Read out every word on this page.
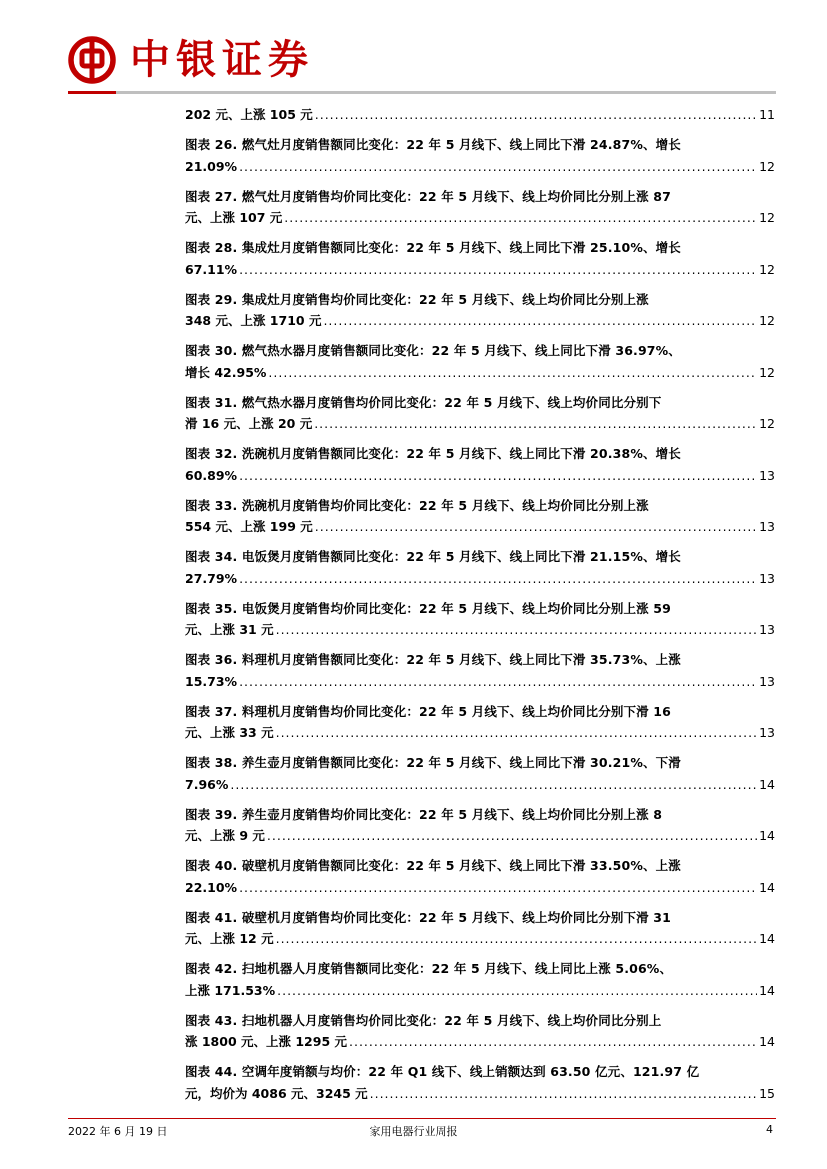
中银证券
202 元、上涨 105 元 .....	11
图表 26. 燃气灶月度销售额同比变化：22 年 5 月线下、线上同比下滑 24.87%、增长
21.09% .....	12
图表 27. 燃气灶月度销售均价同比变化：22 年 5 月线下、线上均价同比分别上涨 87
元、上涨 107 元 .....	12
图表 28. 集成灶月度销售额同比变化：22 年 5 月线下、线上同比下滑 25.10%、增长
67.11% .....	12
图表 29. 集成灶月度销售均价同比变化：22 年 5 月线下、线上均价同比分别上涨
348 元、上涨 1710 元 .....	12
图表 30. 燃气热水器月度销售额同比变化：22 年 5 月线下、线上同比下滑 36.97%、
增长 42.95% .....	12
图表 31. 燃气热水器月度销售均价同比变化：22 年 5 月线下、线上均价同比分别下
滑 16 元、上涨 20 元 .....	12
图表 32. 洗碗机月度销售额同比变化：22 年 5 月线下、线上同比下滑 20.38%、增长
60.89% .....	13
图表 33. 洗碗机月度销售均价同比变化：22 年 5 月线下、线上均价同比分别上涨
554 元、上涨 199 元 .....	13
图表 34. 电饭煲月度销售额同比变化：22 年 5 月线下、线上同比下滑 21.15%、增长
27.79% .....	13
图表 35. 电饭煲月度销售均价同比变化：22 年 5 月线下、线上均价同比分别上涨 59
元、上涨 31 元 .....	13
图表 36. 料理机月度销售额同比变化：22 年 5 月线下、线上同比下滑 35.73%、上涨
15.73% .....	13
图表 37. 料理机月度销售均价同比变化：22 年 5 月线下、线上均价同比分别下滑 16
元、上涨 33 元 .....	13
图表 38. 养生壶月度销售额同比变化：22 年 5 月线下、线上同比下滑 30.21%、下滑
7.96% .....	14
图表 39. 养生壶月度销售均价同比变化：22 年 5 月线下、线上均价同比分别上涨 8
元、上涨 9 元 .....	14
图表 40. 破壁机月度销售额同比变化：22 年 5 月线下、线上同比下滑 33.50%、上涨
22.10% .....	14
图表 41. 破壁机月度销售均价同比变化：22 年 5 月线下、线上均价同比分别下滑 31
元、上涨 12 元 .....	14
图表 42. 扫地机器人月度销售额同比变化：22 年 5 月线下、线上同比上涨 5.06%、
上涨 171.53% .....	14
图表 43. 扫地机器人月度销售均价同比变化：22 年 5 月线下、线上均价同比分别上
涨 1800 元、上涨 1295 元 .....	14
图表 44. 空调年度销额与均价：22 年 Q1 线下、线上销额达到 63.50 亿元、121.97 亿
元，均价为 4086 元、3245 元 .....	15
2022 年 6 月 19 日	家用电器行业周报	4
